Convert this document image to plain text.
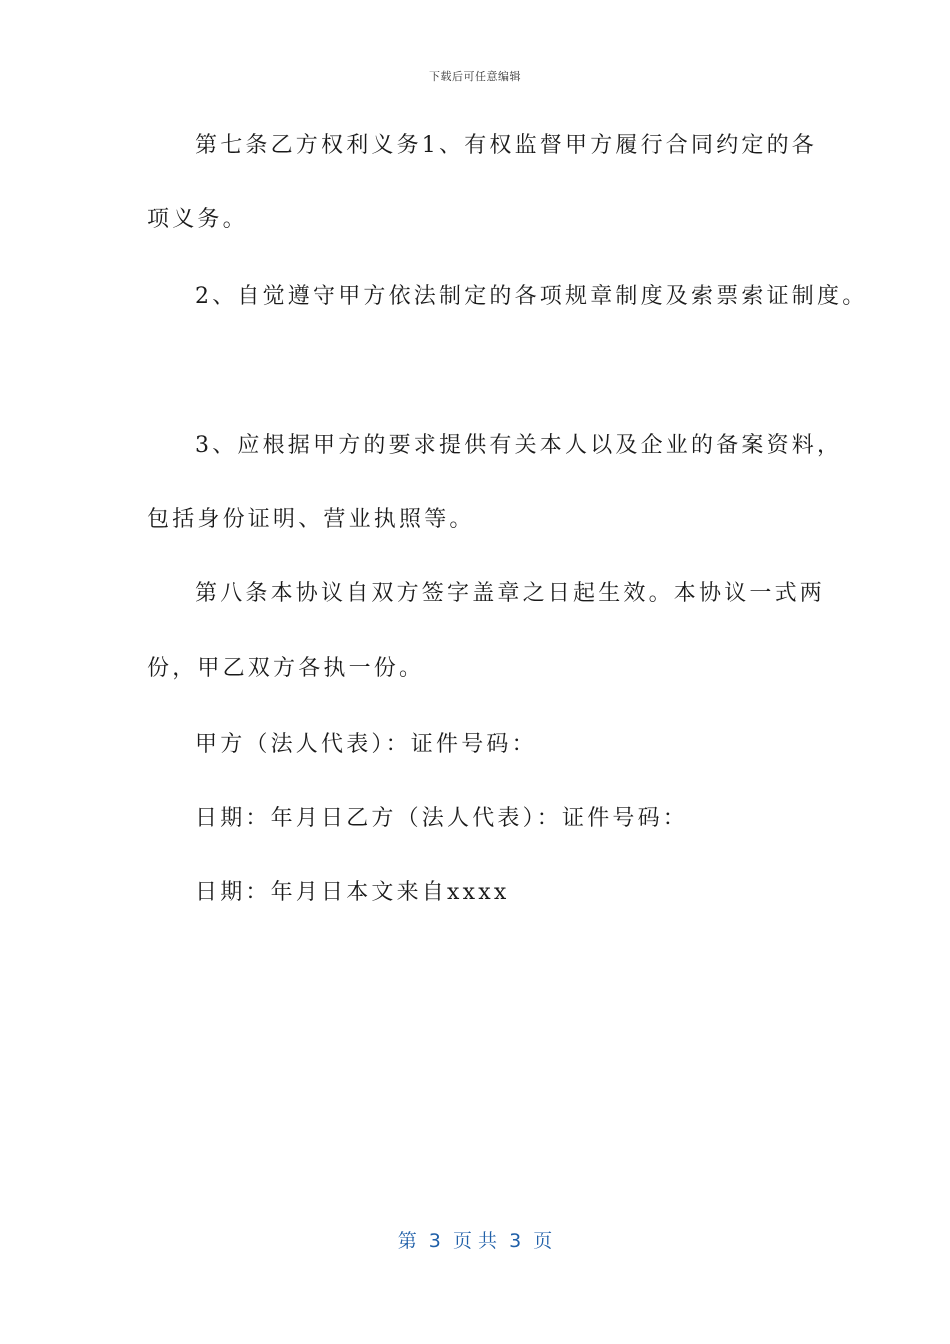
下载后可任意编辑
第七条乙方权利义务1、有权监督甲方履行合同约定的各
项义务。
2、自觉遵守甲方依法制定的各项规章制度及索票索证制度。
3、应根据甲方的要求提供有关本人以及企业的备案资料，
包括身份证明、营业执照等。
第八条本协议自双方签字盖章之日起生效。本协议一式两
份，甲乙双方各执一份。
甲方（法人代表）：证件号码：
日期：年月日乙方（法人代表）：证件号码：
日期：年月日本文来自xxxx
第  3  页 共  3  页
